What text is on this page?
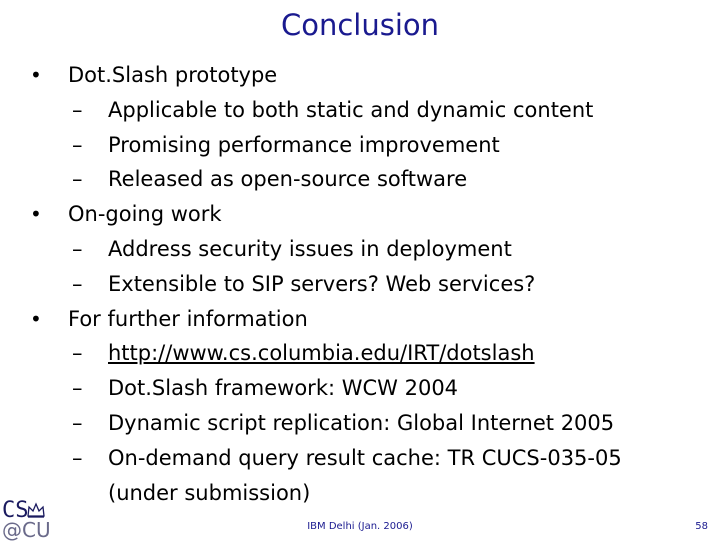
Conclusion
• Dot.Slash prototype
– Applicable to both static and dynamic content
– Promising performance improvement
– Released as open-source software
• On-going work
– Address security issues in deployment
– Extensible to SIP servers? Web services?
• For further information
– http://www.cs.columbia.edu/IRT/dotslash
– Dot.Slash framework: WCW 2004
– Dynamic script replication: Global Internet 2005
– On-demand query result cache: TR CUCS-035-05
(under submission)
CS
@CU	IBM Delhi (Jan. 2006)	58
